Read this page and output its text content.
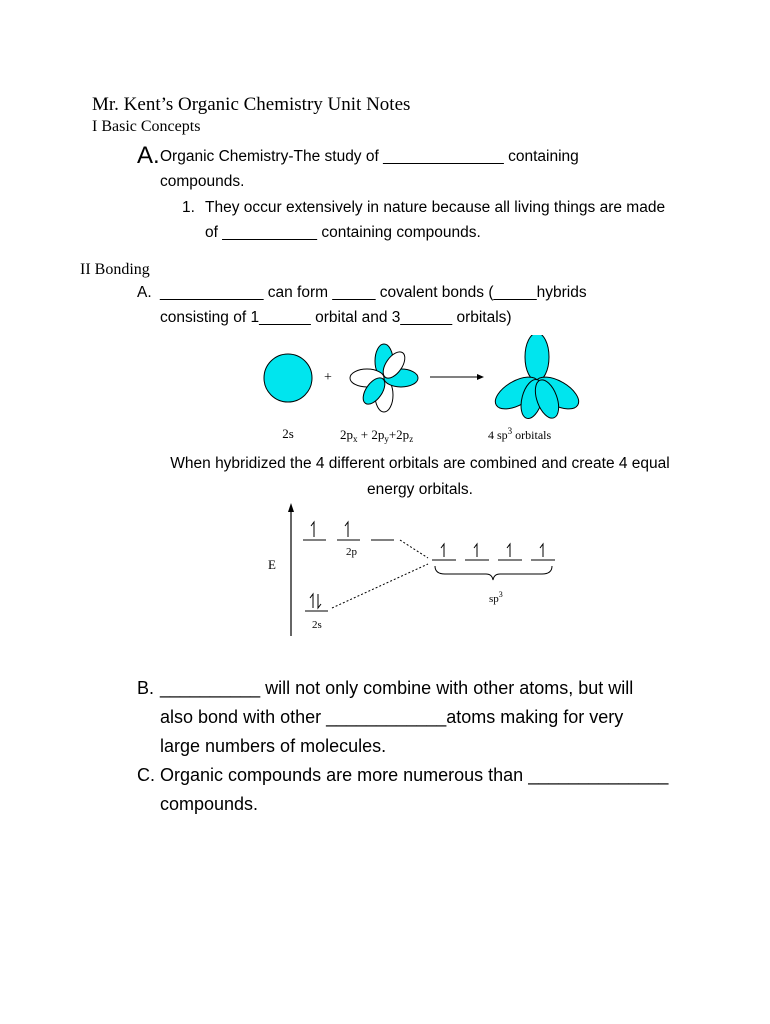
Mr. Kent’s Organic Chemistry Unit Notes
I Basic Concepts
A. Organic Chemistry-The study of ______________ containing
compounds.
1. They occur extensively in nature because all living things are made
of ___________ containing compounds.
II Bonding
A. ____________ can form _____ covalent bonds (_____hybrids
consisting of 1______ orbital and 3______ orbitals)
+
2s	$2p_x + 2p_y+2p_z$	4 $sp^3$ orbitals
When hybridized the 4 different orbitals are combined and create 4 equal energy orbitals.
E
2p
2s
$sp^3$
B. __________ will not only combine with other atoms, but will
also bond with other ____________atoms making for very
large numbers of molecules.
C. Organic compounds are more numerous than ______________
compounds.
